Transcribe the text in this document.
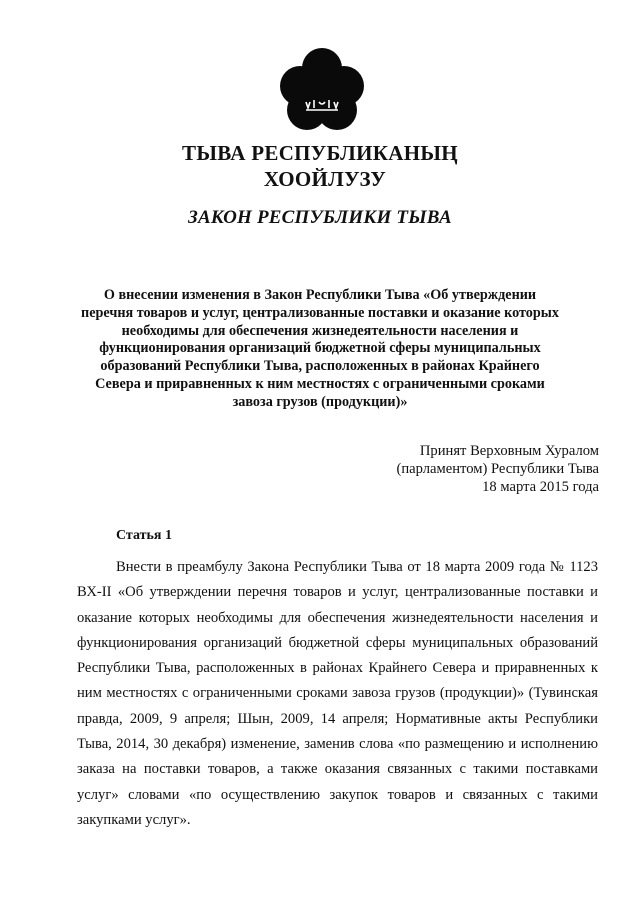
ТЫВА РЕСПУБЛИКАНЫҢ
ХООЙЛУЗУ
ЗАКОН РЕСПУБЛИКИ ТЫВА
О внесении изменения в Закон Республики Тыва «Об утверждении перечня товаров и услуг, централизованные поставки и оказание которых необходимы для обеспечения жизнедеятельности населения и функционирования организаций бюджетной сферы муниципальных образований Республики Тыва, расположенных в районах Крайнего Севера и приравненных к ним местностях с ограниченными сроками завоза грузов (продукции)»
Принят Верховным Хуралом
(парламентом) Республики Тыва
18 марта 2015 года
Статья 1
Внести в преамбулу Закона Республики Тыва от 18 марта 2009 года № 1123 ВХ-II «Об утверждении перечня товаров и услуг, централизованные поставки и оказание которых необходимы для обеспечения жизнедеятельности населения и функционирования организаций бюджетной сферы муниципальных образований Республики Тыва, расположенных в районах Крайнего Севера и приравненных к ним местностях с ограниченными сроками завоза грузов (продукции)» (Тувинская правда, 2009, 9 апреля; Шын, 2009, 14 апреля; Нормативные акты Республики Тыва, 2014, 30 декабря) изменение, заменив слова «по размещению и исполнению заказа на поставки товаров, а также оказания связанных с такими поставками услуг» словами «по осуществлению закупок товаров и связанных с такими закупками услуг».
